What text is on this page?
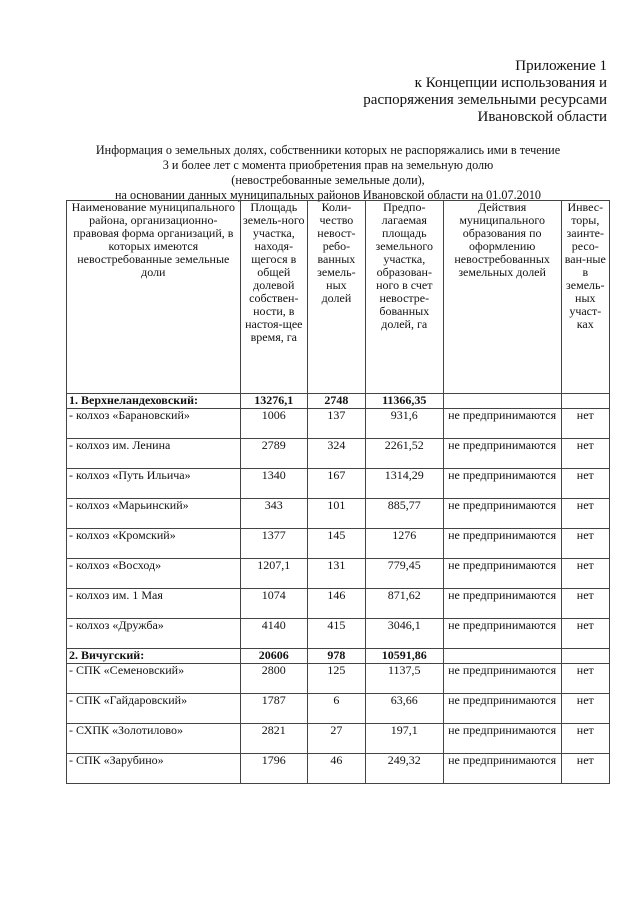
Приложение 1
к Концепции использования и
распоряжения земельными ресурсами
Ивановской области
Информация о земельных долях, собственники которых не распоряжались ими в течение
3 и более лет с момента приобретения прав на земельную долю
(невостребованные земельные доли),
на основании данных муниципальных районов Ивановской области на 01.07.2010
Наименование муниципального района, организационно-правовая форма организаций, в которых имеются невостребованные земельные доли	Площадь земель-ного участка, находя-щегося в общей долевой собствен-ности, в настоя-щее время, га	Коли-чество невост-ребо-ванных земель-ных долей	Предпо-лагаемая площадь земельного участка, образован-ного в счет невостре-бованных долей, га	Действия муниципального образования по оформлению невостребованных земельных долей	Инвес-торы, заинте-ресо-ван-ные в земель-ных участ-ках
1. Верхнеландеховский:	13276,1	2748	11366,35		
- колхоз «Барановский»	1006	137	931,6	не предпринимаются	нет
- колхоз им. Ленина	2789	324	2261,52	не предпринимаются	нет
- колхоз «Путь Ильича»	1340	167	1314,29	не предпринимаются	нет
- колхоз «Марьинский»	343	101	885,77	не предпринимаются	нет
- колхоз «Кромский»	1377	145	1276	не предпринимаются	нет
- колхоз «Восход»	1207,1	131	779,45	не предпринимаются	нет
- колхоз им. 1 Мая	1074	146	871,62	не предпринимаются	нет
- колхоз «Дружба»	4140	415	3046,1	не предпринимаются	нет
2. Вичугский:	20606	978	10591,86		
- СПК «Семеновский»	2800	125	1137,5	не предпринимаются	нет
- СПК «Гайдаровский»	1787	6	63,66	не предпринимаются	нет
- СХПК «Золотилово»	2821	27	197,1	не предпринимаются	нет
- СПК «Зарубино»	1796	46	249,32	не предпринимаются	нет
